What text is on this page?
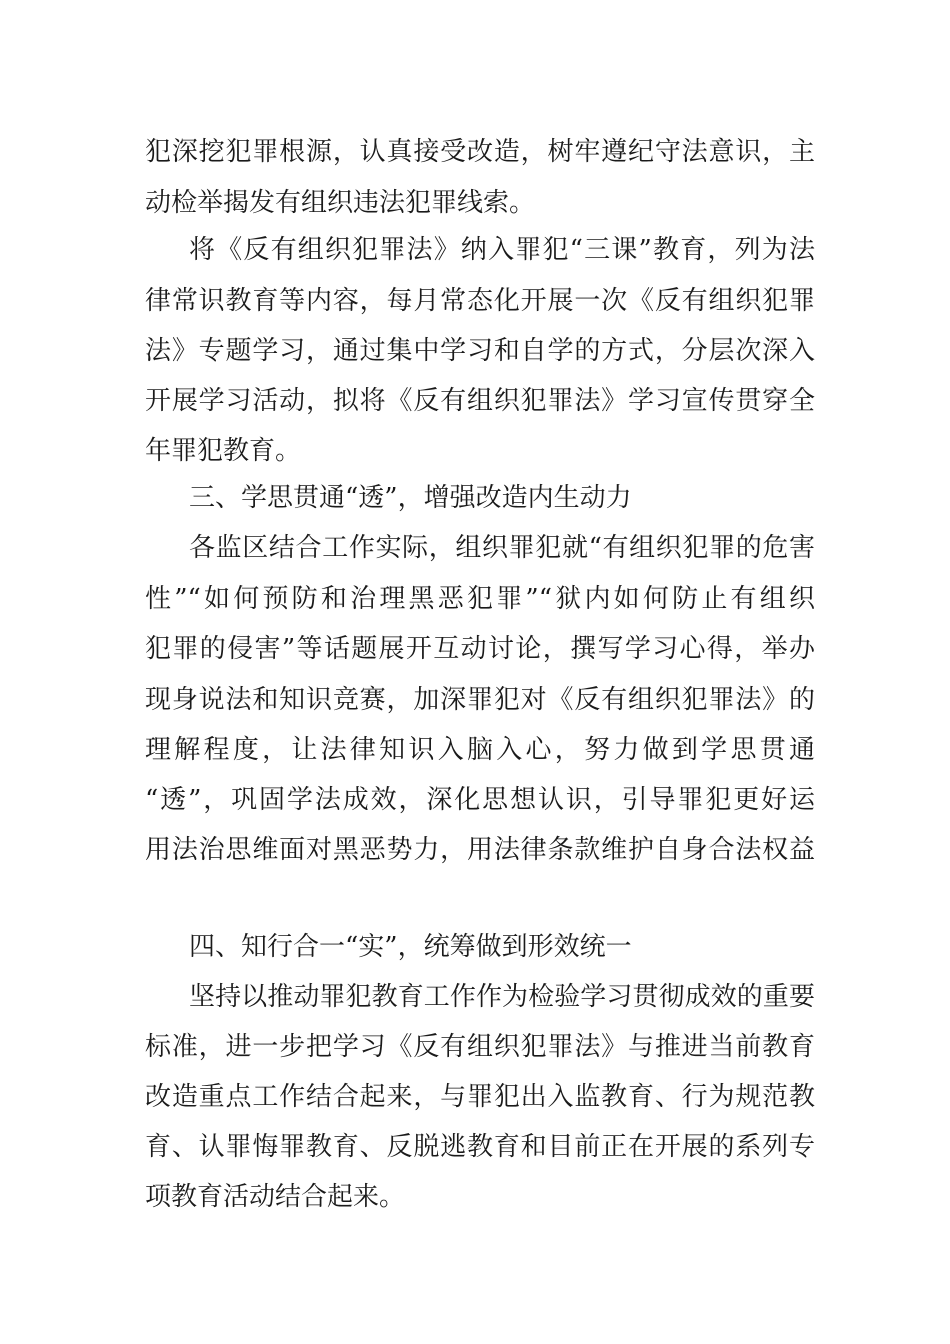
犯深挖犯罪根源，认真接受改造，树牢遵纪守法意识，主

动检举揭发有组织违法犯罪线索。

将《反有组织犯罪法》纳入罪犯“三课”教育，列为法

律常识教育等内容，每月常态化开展一次《反有组织犯罪

法》专题学习，通过集中学习和自学的方式，分层次深入

开展学习活动，拟将《反有组织犯罪法》学习宣传贯穿全

年罪犯教育。

三、学思贯通“透”，增强改造内生动力

各监区结合工作实际，组织罪犯就“有组织犯罪的危害

性”“如何预防和治理黑恶犯罪”“狱内如何防止有组织

犯罪的侵害”等话题展开互动讨论，撰写学习心得，举办

现身说法和知识竞赛，加深罪犯对《反有组织犯罪法》的

理解程度，让法律知识入脑入心，努力做到学思贯通

“透”，巩固学法成效，深化思想认识，引导罪犯更好运

用法治思维面对黑恶势力，用法律条款维护自身合法权益

四、知行合一“实”，统筹做到形效统一

坚持以推动罪犯教育工作作为检验学习贯彻成效的重要

标准，进一步把学习《反有组织犯罪法》与推进当前教育

改造重点工作结合起来，与罪犯出入监教育、行为规范教

育、认罪悔罪教育、反脱逃教育和目前正在开展的系列专

项教育活动结合起来。
